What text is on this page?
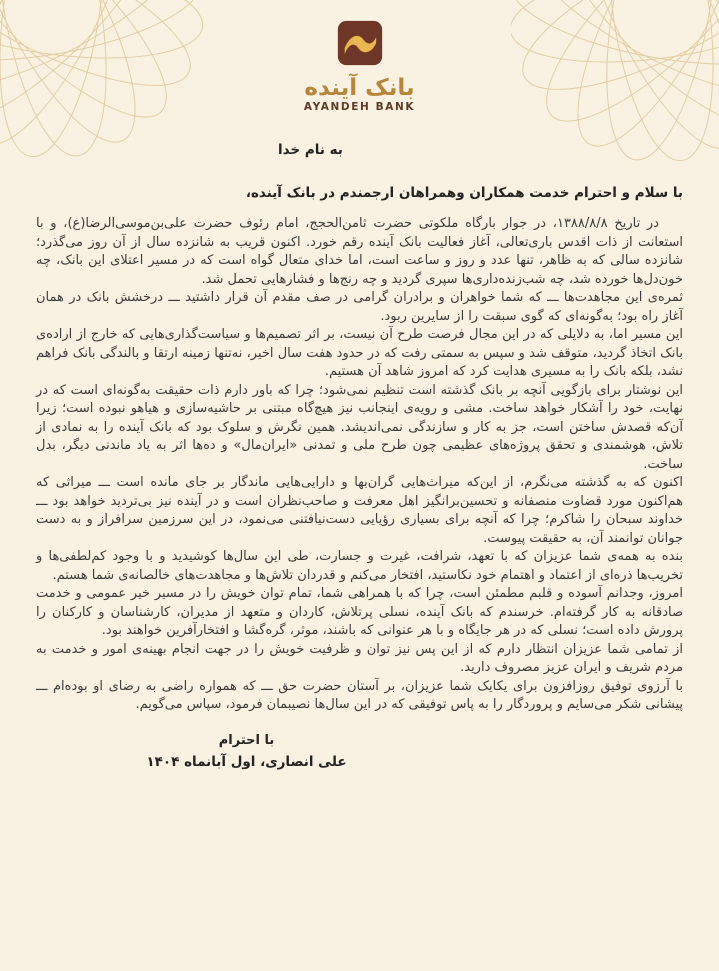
بانک آینده
AYANDEH BANK
به نام خدا
با سلام و احترام خدمت همکاران وهمراهان ارجمندم در بانک آینده،

در تاریخ ۱۳۸۸/۸/۸، در جوار بارگاه ملکوتی حضرت ثامن‌الحجج، امام رئوف حضرت علی‌بن‌موسی‌الرضا(ع)، و با استعانت از ذات اقدس باری‌تعالی، آغاز فعالیت بانک آینده رقم خورد. اکنون قریب به شانزده سال از آن روز می‌گذرد؛ شانزده سالی که به ظاهر، تنها عدد و روز و ساعت است، اما خدای متعال گواه است که در مسیر اعتلای این بانک، چه خون‌دل‌ها خورده شد، چه شب‌زنده‌داری‌ها سپری گردید و چه رنج‌ها و فشارهایی تحمل شد.

ثمره‌ی این مجاهدت‌ها ـــ که شما خواهران و برادران گرامی در صف مقدم آن قرار داشتید ـــ درخشش بانک در همان آغاز راه بود؛ به‌گونه‌ای که گوی سبقت را از سایرین ربود.

این مسیر اما، به دلایلی که در این مجال فرصت طرح آن نیست، بر اثر تصمیم‌ها و سیاست‌گذاری‌هایی که خارج از اراده‌ی بانک اتخاذ گردید، متوقف شد و سپس به سمتی رفت که در حدود هفت سال اخیر، نه‌تنها زمینه ارتقا و بالندگی بانک فراهم نشد، بلکه بانک را به مسیری هدایت کرد که امروز شاهد آن هستیم.

این نوشتار برای بازگویی آنچه بر بانک گذشته است تنظیم نمی‌شود؛ چرا که باور دارم ذات حقیقت به‌گونه‌ای است که در نهایت، خود را آشکار خواهد ساخت. مشی و رویه‌ی اینجانب نیز هیچ‌گاه مبتنی بر حاشیه‌سازی و هیاهو نبوده است؛ زیرا آن‌که قصدش ساختن است، جز به کار و سازندگی نمی‌اندیشد. همین نگرش و سلوک بود که بانک آینده را به نمادی از تلاش، هوشمندی و تحقق پروژه‌های عظیمی چون طرح ملی و تمدنی «ایران‌مال» و ده‌ها اثر به یاد ماندنی دیگر، بدل ساخت.

اکنون که به گذشته می‌نگرم، از این‌که میراث‌هایی گران‌بها و دارایی‌هایی ماندگار بر جای مانده است ـــ میراثی که هم‌اکنون مورد قضاوت منصفانه و تحسین‌برانگیز اهل معرفت و صاحب‌نظران است و در آینده نیز بی‌تردید خواهد بود ـــ خداوند سبحان را شاکرم؛ چرا که آنچه برای بسیاری رؤیایی دست‌نیافتنی می‌نمود، در این سرزمین سرافراز و به دست جوانان توانمند آن، به حقیقت پیوست.

بنده به همه‌ی شما عزیزان که با تعهد، شرافت، غیرت و جسارت، طی این سال‌ها کوشیدید و با وجود کم‌لطفی‌ها و تخریب‌ها ذره‌ای از اعتماد و اهتمام خود نکاستید، افتخار می‌کنم و قدردان تلاش‌ها و مجاهدت‌های خالصانه‌ی شما هستم.

امروز، وجدانم آسوده و قلبم مطمئن است، چرا که با همراهی شما، تمام توان خویش را در مسیر خیر عمومی و خدمت صادقانه به کار گرفته‌ام. خرسندم که بانک آینده، نسلی پرتلاش، کاردان و متعهد از مدیران، کارشناسان و کارکنان را پرورش داده است؛ نسلی که در هر جایگاه و با هر عنوانی که باشند، موثر، گره‌گشا و افتخارآفرین خواهند بود.

از تمامی شما عزیزان انتظار دارم که از این پس نیز توان و ظرفیت خویش را در جهت انجام بهینه‌ی امور و خدمت به مردم شریف و ایران عزیز مصروف دارید.

با آرزوی توفیق روزافزون برای یکایک شما عزیزان، بر آستان حضرت حق ـــ که همواره راضی به رضای او بوده‌ام ـــ پیشانی شکر می‌سایم و پروردگار را به پاس توفیقی که در این سال‌ها نصیبمان فرمود، سپاس می‌گویم.

با احترام
علی انصاری، اول آبانماه ۱۴۰۴
